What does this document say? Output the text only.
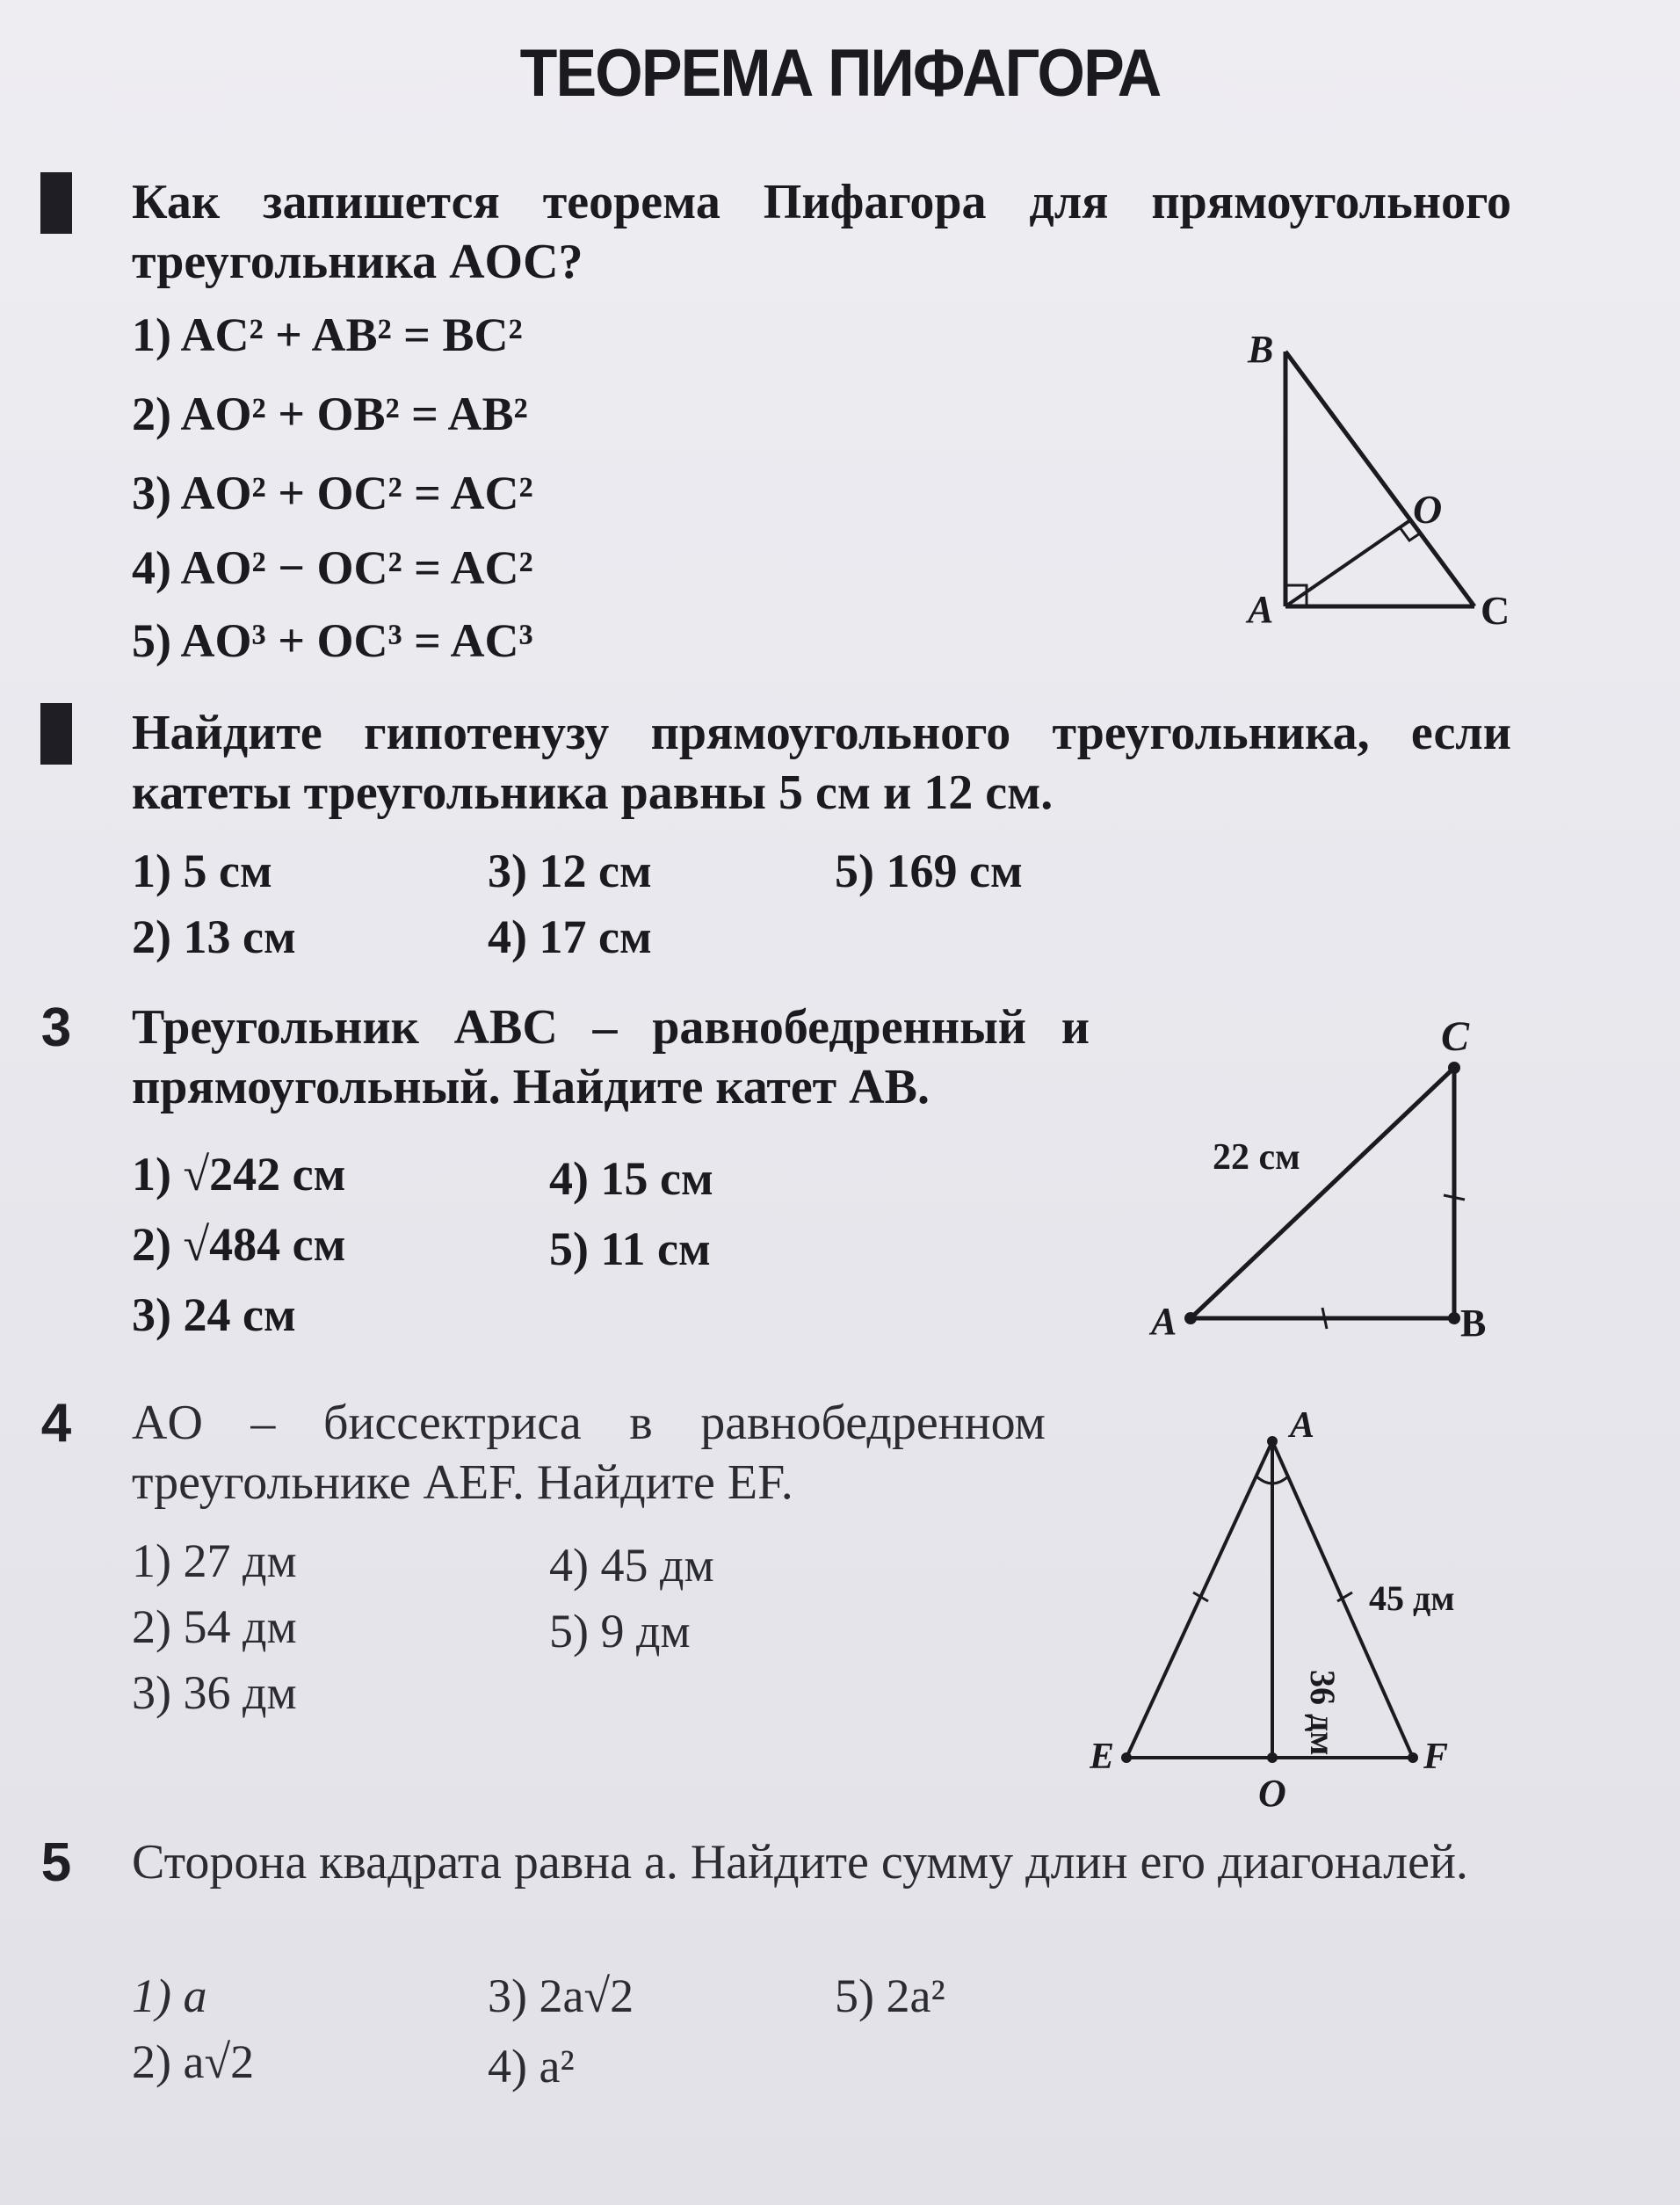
ТЕОРЕМА ПИФАГОРА
Как запишется теорема Пифагора для прямоугольного треугольника AOC?
1) AC² + AB² = BC²
2) AO² + OB² = AB²
3) AO² + OC² = AC²
4) AO² − OC² = AC²
5) AO³ + OC³ = AC³
B
O
A	C
Найдите гипотенузу прямоугольного треугольника, если катеты треугольника равны 5 см и 12 см.
1) 5 см	3) 12 см	5) 169 см
2) 13 см	4) 17 см
3 Треугольник ABC – равнобедренный и прямоугольный. Найдите катет AB.
1) √242 см	4) 15 см
2) √484 см	5) 11 см
3) 24 см
C
A	B
22 см
4 AO – биссектриса в равнобедренном треугольнике AEF. Найдите EF.
1) 27 дм	4) 45 дм
2) 54 дм	5) 9 дм
3) 36 дм
A
E	F
O
45 дм
36 дм
5 Сторона квадрата равна a. Найдите сумму длин его диагоналей.
1) a	3) 2a√2	5) 2a²
2) a√2	4) a²
